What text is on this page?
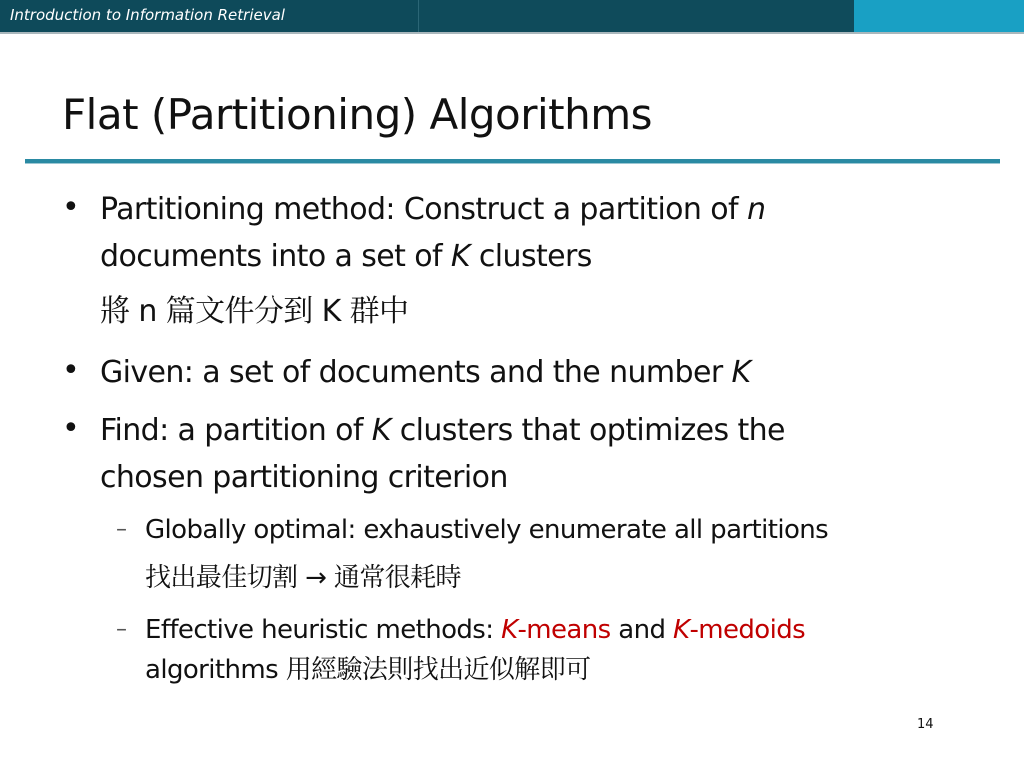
Introduction to Information Retrieval
Flat (Partitioning) Algorithms
• Partitioning method: Construct a partition of n
documents into a set of K clusters
將 n 篇文件分到 K 群中
• Given: a set of documents and the number K
• Find: a partition of K clusters that optimizes the
chosen partitioning criterion
– Globally optimal: exhaustively enumerate all partitions
找出最佳切割 → 通常很耗時
– Effective heuristic methods: K-means and K-medoids
algorithms 用經驗法則找出近似解即可
14
